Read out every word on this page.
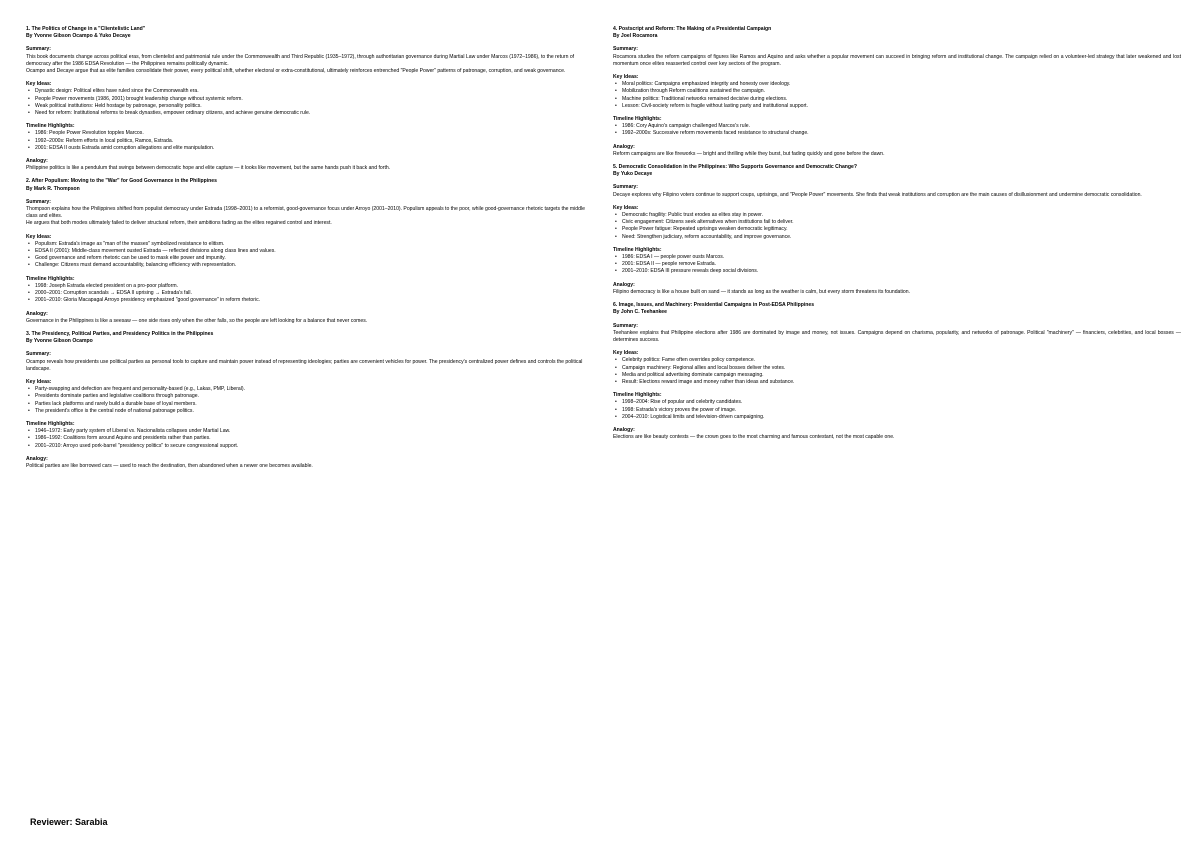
1. The Politics of Change in a "Clientelistic Land"
By Yvonne Gibson Ocampo & Yuko Decaye
Summary:

This book documents change across political eras, from clientelist and patrimonial rule under the Commonwealth and Third Republic (1935–1972), through authoritarian governance during Martial Law under Marcos (1972–1986), to the return of democracy after the 1986 EDSA Revolution — the Philippines remains politically dynamic.

Ocampo and Decaye argue that as elite families consolidate their power, every political shift, whether electoral or extra-constitutional, ultimately reinforces entrenched "People Power" patterns of patronage, corruption, and weak governance.

Key Ideas:
• Dynastic design: Political elites have ruled since the Commonwealth era.
• People Power movements (1986, 2001) brought leadership change without systemic reform.
• Weak political institutions: Held hostage by patronage, personality politics.
• Need for reform: Institutional reforms to break dynasties, empower ordinary citizens, and achieve genuine democratic rule.
Timeline Highlights:
• 1986: People Power Revolution topples Marcos.
• 1992–2000s: Reform efforts in local politics, Ramos, Estrada.
• 2001: EDSA II ousts Estrada amid corruption allegations and elite manipulation.
Analogy:

Philippine politics is like a pendulum that swings between democratic hope and elite capture — it looks like movement, but the same hands push it back and forth.

2. After Populism: Moving to the "War" for Good Governance in the Philippines
By Mark R. Thompson
Summary:

Thompson explains how the Philippines shifted from populist democracy under Estrada (1998–2001) to a reformist, good-governance focus under Arroyo (2001–2010). Populism appeals to the poor, while good-governance rhetoric targets the middle class and elites.

He argues that both modes ultimately failed to deliver structural reform, their ambitions fading as the elites regained control and interest.

Key Ideas:
• Populism: Estrada's image as "man of the masses" symbolized resistance to elitism.
• EDSA II (2001): Middle-class movement ousted Estrada — reflected divisions along class lines and values.
• Good governance and reform rhetoric can be used to mask elite power and impunity.
• Challenge: Citizens must demand accountability, balancing efficiency with representation.
Timeline Highlights:
• 1998: Joseph Estrada elected president on a pro-poor platform.
• 2000–2001: Corruption scandals → EDSA II uprising → Estrada's fall.
• 2001–2010: Gloria Macapagal Arroyo presidency emphasized "good governance" in reform rhetoric.
Analogy:

Governance in the Philippines is like a seesaw — one side rises only when the other falls, so the people are left looking for a balance that never comes.

3. The Presidency, Political Parties, and Presidency Politics in the Philippines
By Yvonne Gibson Ocampo
Summary:

Ocampo reveals how presidents use political parties as personal tools to capture and maintain power instead of representing ideologies; parties are convenient vehicles for power. The presidency's centralized power defines and controls the political landscape.

Key Ideas:
• Party-swapping and defection are frequent and personality-based (e.g., Lakas, PMP, Liberal).
• Presidents dominate parties and legislative coalitions through patronage.
• Parties lack platforms and rarely build a durable base of loyal members.
• The president's office is the central node of national patronage politics.
Timeline Highlights:
• 1946–1972: Early party system of Liberal vs. Nacionalista collapses under Martial Law.
• 1986–1992: Coalitions form around Aquino and presidents rather than parties.
• 2001–2010: Arroyo used pork-barrel "presidency politics" to secure congressional support.
Analogy:

Political parties are like borrowed cars — used to reach the destination, then abandoned when a newer one becomes available.

4. Postscript and Reform: The Making of a Presidential Campaign
By Joel Rocamora
Summary:

Rocamora studies the reform campaigns of figures like Ramos and Aquino and asks whether a popular movement can succeed in bringing reform and institutional change. The campaign relied on a volunteer-led strategy that later weakened and lost momentum once elites reasserted control over key sectors of the program.

Key Ideas:
• Moral politics: Campaigns emphasized integrity and honesty over ideology.
• Mobilization through Reform coalitions sustained the campaign.
• Machine politics: Traditional networks remained decisive during elections.
• Lesson: Civil-society reform is fragile without lasting party and institutional support.
Timeline Highlights:
• 1986: Cory Aquino's campaign challenged Marcos's rule.
• 1992–2000s: Successive reform movements faced resistance to structural change.
Analogy:

Reform campaigns are like fireworks — bright and thrilling while they burst, but fading quickly and gone before the dawn.

5. Democratic Consolidation in the Philippines: Who Supports Governance and Democratic Change?
By Yuko Decaye
Summary:

Decaye explores why Filipino voters continue to support coups, uprisings, and "People Power" movements. She finds that weak institutions and corruption are the main causes of disillusionment and undermine democratic consolidation.

Key Ideas:
• Democratic fragility: Public trust erodes as elites stay in power.
• Civic engagement: Citizens seek alternatives when institutions fail to deliver.
• People Power fatigue: Repeated uprisings weaken democratic legitimacy.
• Need: Strengthen judiciary, reform accountability, and improve governance.
Timeline Highlights:
• 1986: EDSA I — people power ousts Marcos.
• 2001: EDSA II — people remove Estrada.
• 2001–2010: EDSA III pressure reveals deep social divisions.
Analogy:

Filipino democracy is like a house built on sand — it stands as long as the weather is calm, but every storm threatens its foundation.

6. Image, Issues, and Machinery: Presidential Campaigns in Post-EDSA Philippines
By John C. Teehankee
Summary:

Teehankee explains that Philippine elections after 1986 are dominated by image and money, not issues. Campaigns depend on charisma, popularity, and networks of patronage. Political "machinery" — financiers, celebrities, and local bosses — determines success.

Key Ideas:
• Celebrity politics: Fame often overrides policy competence.
• Campaign machinery: Regional allies and local bosses deliver the votes.
• Media and political advertising dominate campaign messaging.
• Result: Elections reward image and money rather than ideas and substance.
Timeline Highlights:
• 1998–2004: Rise of popular and celebrity candidates.
• 1998: Estrada's victory proves the power of image.
• 2004–2010: Logistical limits and television-driven campaigning.
Analogy:

Elections are like beauty contests — the crown goes to the most charming and famous contestant, not the most capable one.

Reviewer: Sarabia
